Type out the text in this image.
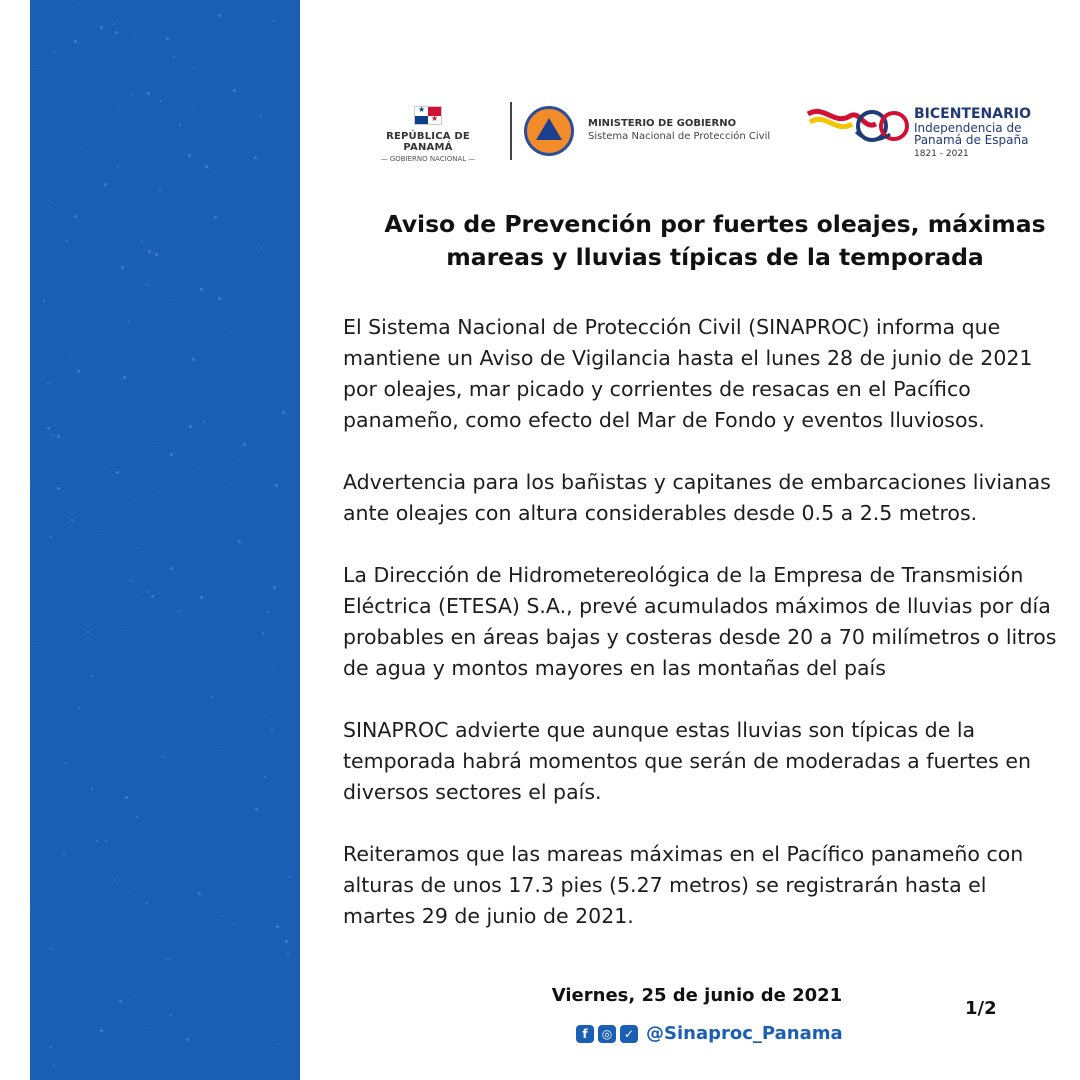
★
★
REPÚBLICA DE PANAMÁ
— GOBIERNO NACIONAL —
MINISTERIO DE GOBIERNO
Sistema Nacional de Protección Civil
BICENTENARIO
Independencia de
Panamá de España
1821 - 2021
Aviso de Prevención por fuertes oleajes, máximas
mareas y lluvias típicas de la temporada

El Sistema Nacional de Protección Civil (SINAPROC) informa que mantiene un Aviso de Vigilancia hasta el lunes 28 de junio de 2021 por oleajes, mar picado y corrientes de resacas en el Pacífico panameño, como efecto del Mar de Fondo y eventos lluviosos.

Advertencia para los bañistas y capitanes de embarcaciones livianas ante oleajes con altura considerables desde 0.5 a 2.5 metros.

La Dirección de Hidrometereológica de la Empresa de Transmisión Eléctrica (ETESA) S.A., prevé acumulados máximos de lluvias por día probables en áreas bajas y costeras desde 20 a 70 milímetros o litros de agua y montos mayores en las montañas del país

SINAPROC advierte que aunque estas lluvias son típicas de la temporada habrá momentos que serán de moderadas a fuertes en diversos sectores el país.

Reiteramos que las mareas máximas en el Pacífico panameño con alturas de unos 17.3 pies (5.27 metros) se registrarán hasta el martes 29 de junio de 2021.

Viernes, 25 de junio de 2021
1/2
f	◎ ✓ @Sinaproc_Panama
